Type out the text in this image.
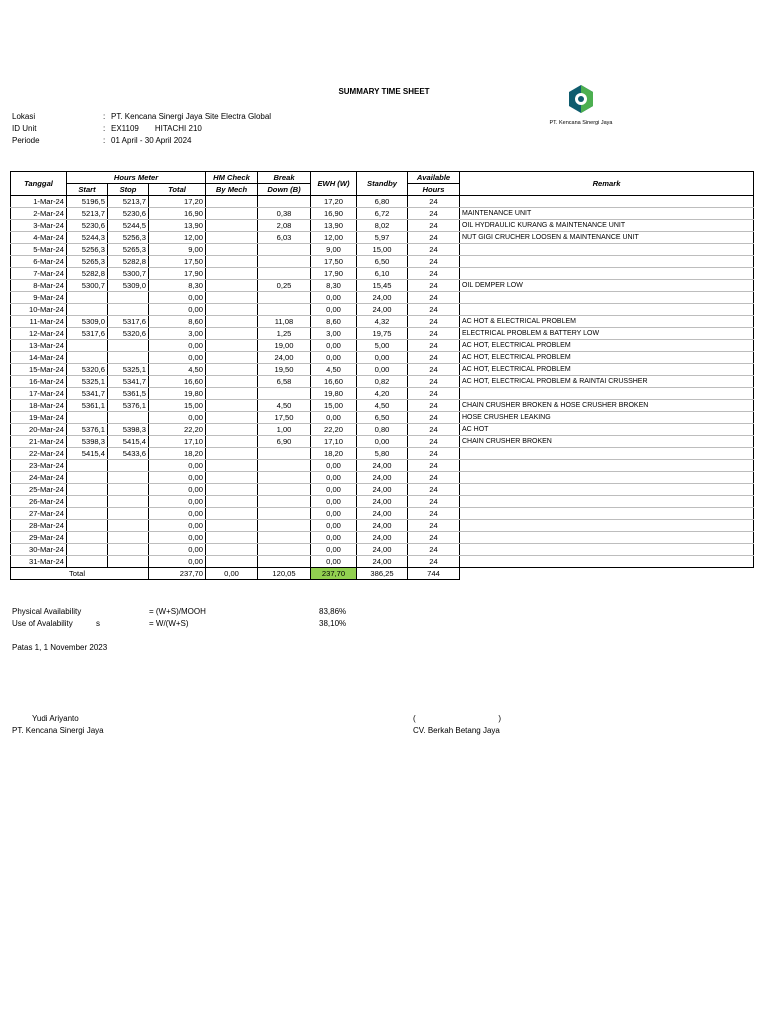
SUMMARY TIME SHEET
PT. Kencana Sinergi Jaya
Lokasi	: PT. Kencana Sinergi Jaya Site Electra Global
ID Unit	: EX1109 HITACHI 210
Periode	: 01 April - 30 April 2024
Tanggal	Hours Meter			HM Check	Break	EWH (W)	Standby	Available	Remark
	Start	Stop	Total	By Mech	Down (B)			Hours	
1-Mar-24	5196,5	5213,7	17,20			17,20	6,80	24	
2-Mar-24	5213,7	5230,6	16,90		0,38	16,90	6,72	24	MAINTENANCE UNIT
3-Mar-24	5230,6	5244,5	13,90		2,08	13,90	8,02	24	OIL HYDRAULIC KURANG & MAINTENANCE UNIT
4-Mar-24	5244,3	5256,3	12,00		6,03	12,00	5,97	24	NUT GIGI CRUCHER LOOSEN & MAINTENANCE UNIT
5-Mar-24	5256,3	5265,3	9,00			9,00	15,00	24	
6-Mar-24	5265,3	5282,8	17,50			17,50	6,50	24	
7-Mar-24	5282,8	5300,7	17,90			17,90	6,10	24	
8-Mar-24	5300,7	5309,0	8,30		0,25	8,30	15,45	24	OIL DEMPER LOW
9-Mar-24			0,00			0,00	24,00	24	
10-Mar-24			0,00			0,00	24,00	24	
11-Mar-24	5309,0	5317,6	8,60		11,08	8,60	4,32	24	AC HOT & ELECTRICAL PROBLEM
12-Mar-24	5317,6	5320,6	3,00		1,25	3,00	19,75	24	ELECTRICAL PROBLEM & BATTERY LOW
13-Mar-24			0,00		19,00	0,00	5,00	24	AC HOT, ELECTRICAL PROBLEM
14-Mar-24			0,00		24,00	0,00	0,00	24	AC HOT, ELECTRICAL PROBLEM
15-Mar-24	5320,6	5325,1	4,50		19,50	4,50	0,00	24	AC HOT, ELECTRICAL PROBLEM
16-Mar-24	5325,1	5341,7	16,60		6,58	16,60	0,82	24	AC HOT, ELECTRICAL PROBLEM & RAINTAI CRUSSHER
17-Mar-24	5341,7	5361,5	19,80			19,80	4,20	24	
18-Mar-24	5361,1	5376,1	15,00		4,50	15,00	4,50	24	CHAIN CRUSHER BROKEN & HOSE CRUSHER BROKEN
19-Mar-24			0,00		17,50	0,00	6,50	24	HOSE CRUSHER LEAKING
20-Mar-24	5376,1	5398,3	22,20		1,00	22,20	0,80	24	AC HOT
21-Mar-24	5398,3	5415,4	17,10		6,90	17,10	0,00	24	CHAIN CRUSHER BROKEN
22-Mar-24	5415,4	5433,6	18,20			18,20	5,80	24	
23-Mar-24			0,00			0,00	24,00	24	
24-Mar-24			0,00			0,00	24,00	24	
25-Mar-24			0,00			0,00	24,00	24	
26-Mar-24			0,00			0,00	24,00	24	
27-Mar-24			0,00			0,00	24,00	24	
28-Mar-24			0,00			0,00	24,00	24	
29-Mar-24			0,00			0,00	24,00	24	
30-Mar-24			0,00			0,00	24,00	24	
31-Mar-24			0,00			0,00	24,00	24	
Total			237,70	0,00	120,05	237,70	386,25	744	
Physical Availability	= (W+S)/MOOH	83,86%
Use of Avalability	s	= W/(W+S)	38,10%
Patas 1, 1 November 2023
Yudi Ariyanto
PT. Kencana Sinergi Jaya
(	)
CV. Berkah Betang Jaya
